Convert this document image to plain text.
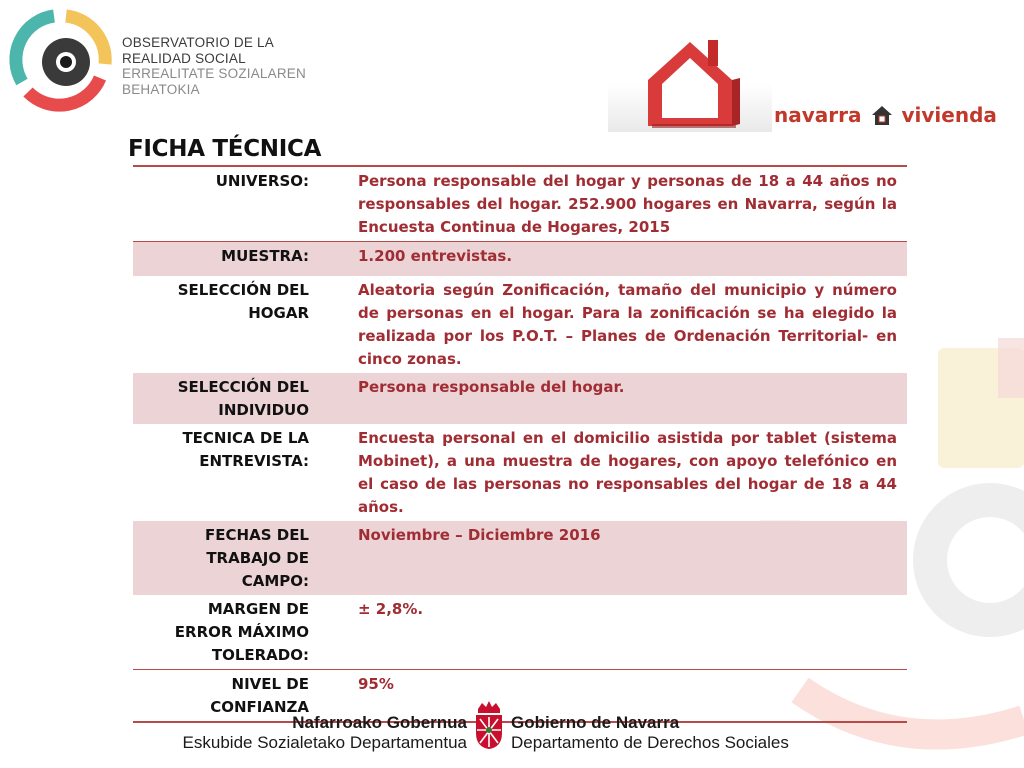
OBSERVATORIO DE LA
REALIDAD SOCIAL
ERREALITATE SOZIALAREN
BEHATOKIA
navarra vivienda
FICHA TÉCNICA
UNIVERSO:	Persona responsable del hogar y personas de 18 a 44 años no responsables del hogar. 252.900 hogares en Navarra, según la Encuesta Continua de Hogares, 2015
MUESTRA:	1.200 entrevistas.
SELECCIÓN DEL HOGAR
Aleatoria según Zonificación, tamaño del municipio y número de personas en el hogar. Para la zonificación se ha elegido la realizada por los P.O.T. – Planes de Ordenación Territorial- en cinco zonas.
SELECCIÓN DEL INDIVIDUO
Persona responsable del hogar.
TECNICA DE LA ENTREVISTA:
Encuesta personal en el domicilio asistida por tablet (sistema Mobinet), a una muestra de hogares, con apoyo telefónico en el caso de las personas no responsables del hogar de 18 a 44 años.
FECHAS DEL TRABAJO DE CAMPO:
Noviembre – Diciembre 2016
MARGEN DE ERROR MÁXIMO TOLERADO:
± 2,8%.
NIVEL DE CONFIANZA
95%
Nafarroako Gobernua
Eskubide Sozialetako Departamentua
Gobierno de Navarra
Departamento de Derechos Sociales
